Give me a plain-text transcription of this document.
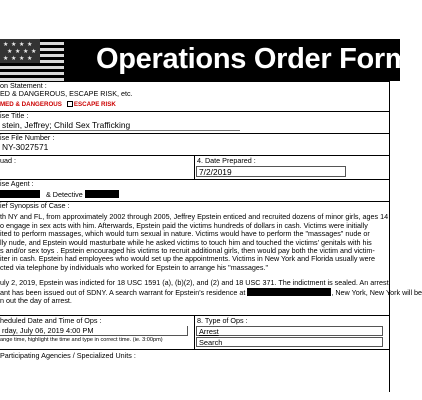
★ ★ ★ ★
★ ★ ★ ★
★ ★ ★ ★ Operations Order Form
on Statement :
ED & DANGEROUS, ESCAPE RISK, etc.
MED & DANGEROUS ESCAPE RISK
ise Title :
stein, Jeffrey; Child Sex Trafficking
ise File Number :
NY-3027571
uad :	4. Date Prepared :
7/2/2019
ise Agent :
& Detective
ief Synopsis of Case :
th NY and FL, from approximately 2002 through 2005, Jeffrey Epstein enticed and recruited dozens of minor girls, ages 14
o engage in sex acts with him. Afterwards, Epstein paid the victims hundreds of dollars in cash. Victims were initially
ited to perform massages, which would turn sexual in nature. Victims would have to perform the "massages" nude or
lly nude, and Epstein would masturbate while he asked victims to touch him and touched the victims' genitals with his
s and/or sex toys . Epstein encouraged his victims to recruit additional girls, then would pay both the victim and victim-
iter in cash. Epstein had employees who would set up the appointments. Victims in New York and Florida usually were
cted via telephone by individuals who worked for Epstein to arrange his "massages."
uly 2, 2019, Epstein was indicted for 18 USC 1591 (a), (b)(2), and (2) and 18 USC 371. The indictment is sealed. An arrest
ant has been issued out of SDNY. A search warrant for Epstein's residence at	, New York, New York will be
n out the day of arrest.
heduled Date and Time of Ops :
rday, July 06, 2019 4:00 PM
ange time, highlight the time and type in correct time. (ie. 3:00pm)
8. Type of Ops :
Arrest
Search
Participating Agencies / Specialized Units :
